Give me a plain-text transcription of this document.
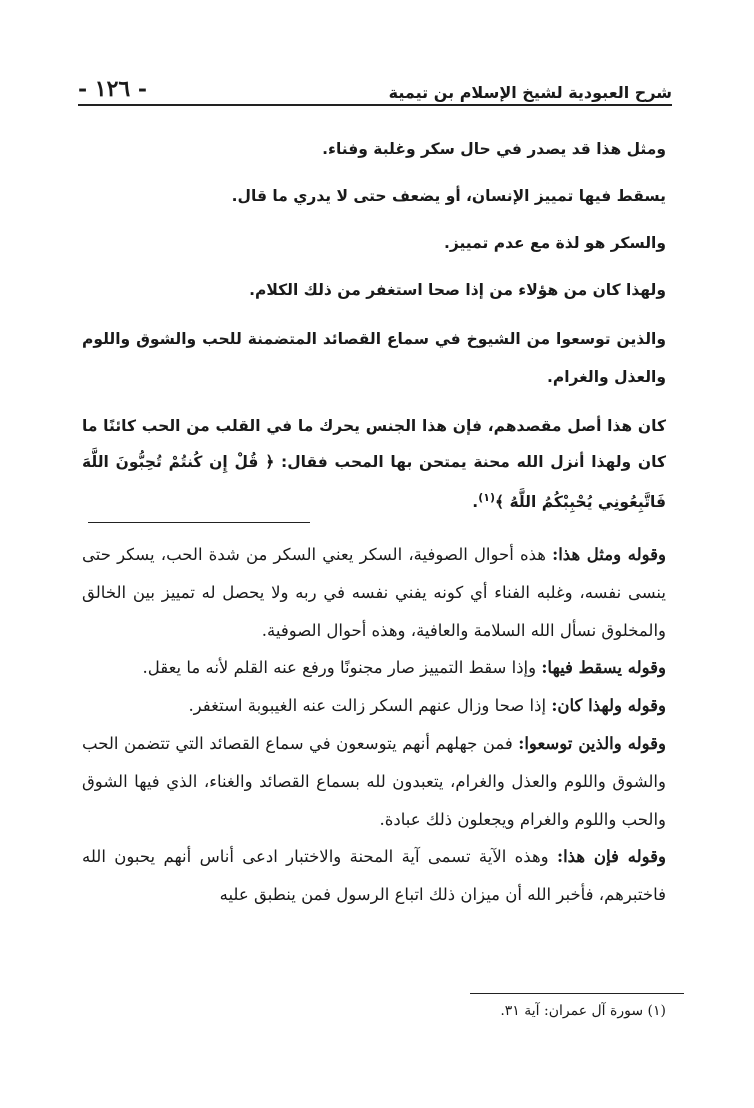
شرح العبودية لشيخ الإسلام بن تيمية
- ١٢٦ -

ومثل هذا قد يصدر في حال سكر وغلبة وفناء.

يسقط فيها تمييز الإنسان، أو يضعف حتى لا يدري ما قال.

والسكر هو لذة مع عدم تمييز.

ولهذا كان من هؤلاء من إذا صحا استغفر من ذلك الكلام.

والذين توسعوا من الشيوخ في سماع القصائد المتضمنة للحب والشوق واللوم والعذل والغرام.

كان هذا أصل مقصدهم، فإن هذا الجنس يحرك ما في القلب من الحب كائنًا ما كان ولهذا أنزل الله محنة يمتحن بها المحب فقال: ﴿ قُلْ إِن كُنتُمْ تُحِبُّونَ اللَّهَ فَاتَّبِعُونِي يُحْبِبْكُمُ اللَّهُ ﴾$^{(١)}$.

وقوله ومثل هذا: هذه أحوال الصوفية، السكر يعني السكر من شدة الحب، يسكر حتى ينسى نفسه، وغلبه الفناء أي كونه يفني نفسه في ربه ولا يحصل له تمييز بين الخالق والمخلوق نسأل الله السلامة والعافية، وهذه أحوال الصوفية.

وقوله يسقط فيها: وإذا سقط التمييز صار مجنونًا ورفع عنه القلم لأنه ما يعقل.

وقوله ولهذا كان: إذا صحا وزال عنهم السكر زالت عنه الغيبوبة استغفر.

وقوله والذين توسعوا: فمن جهلهم أنهم يتوسعون في سماع القصائد التي تتضمن الحب والشوق واللوم والعذل والغرام، يتعبدون لله بسماع القصائد والغناء، الذي فيها الشوق والحب واللوم والغرام ويجعلون ذلك عبادة.

وقوله فإن هذا: وهذه الآية تسمى آية المحنة والاختبار ادعى أناس أنهم يحبون الله فاختبرهم، فأخبر الله أن ميزان ذلك اتباع الرسول فمن ينطبق عليه

(١) سورة آل عمران: آية ٣١.
